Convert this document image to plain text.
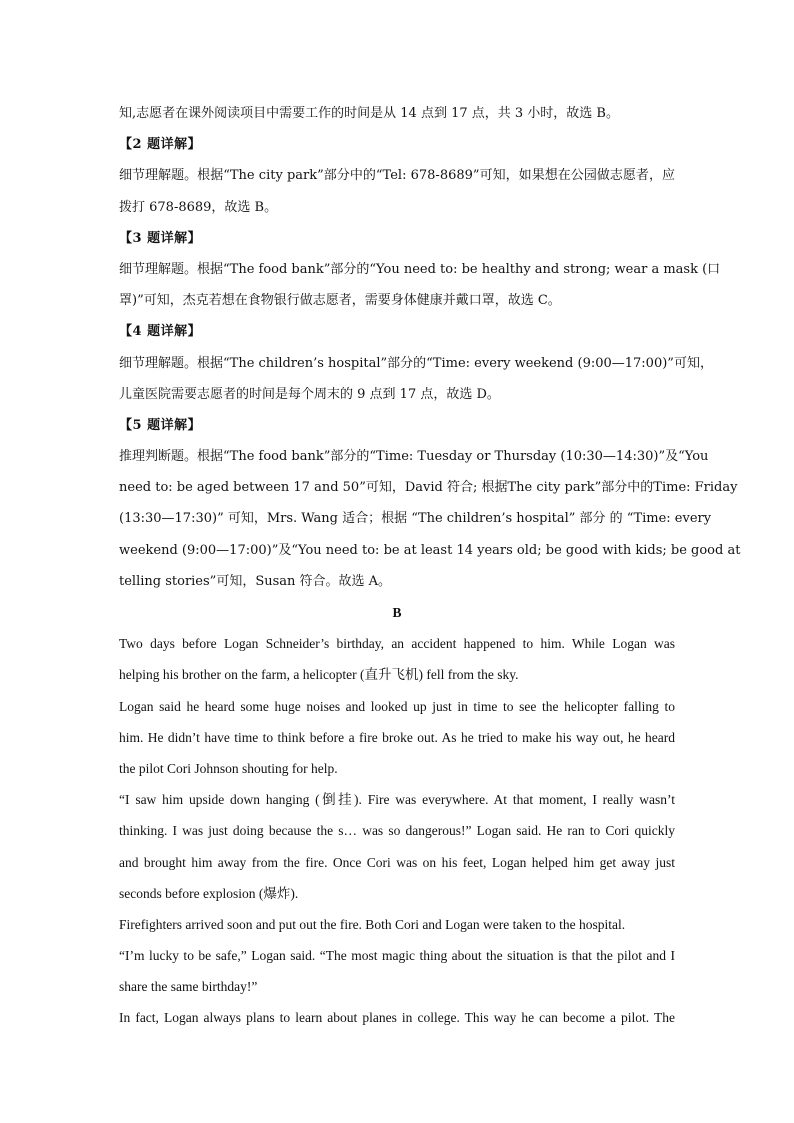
知,志愿者在课外阅读项目中需要工作的时间是从 14 点到 17 点，共 3 小时，故选 B。
【2 题详解】
细节理解题。根据“The city park”部分中的“Tel: 678-8689”可知，如果想在公园做志愿者，应
拨打 678-8689，故选 B。
【3 题详解】
细节理解题。根据“The food bank”部分的“You need to: be healthy and strong; wear a mask (口
罩)”可知，杰克若想在食物银行做志愿者，需要身体健康并戴口罩，故选 C。
【4 题详解】
细节理解题。根据“The children’s hospital”部分的“Time: every weekend (9:00—17:00)”可知，
儿童医院需要志愿者的时间是每个周末的 9 点到 17 点，故选 D。
【5 题详解】
推理判断题。根据“The food bank”部分的“Time: Tuesday or Thursday (10:30—14:30)”及“You
need to: be aged between 17 and 50”可知，David 符合; 根据The city park”部分中的Time: Friday
(13:30—17:30)” 可知，Mrs. Wang 适合；根据 “The children’s hospital” 部分 的 “Time: every
weekend (9:00—17:00)”及“You need to: be at least 14 years old; be good with kids; be good at
telling stories”可知，Susan 符合。故选 A。
B
Two days before Logan Schneider’s birthday, an accident happened to him. While Logan was
helping his brother on the farm, a helicopter (直升飞机) fell from the sky.
Logan said he heard some huge noises and looked up just in time to see the helicopter falling to
him. He didn’t have time to think before a fire broke out. As he tried to make his way out, he heard
the pilot Cori Johnson shouting for help.
“I saw him upside down hanging (倒挂). Fire was everywhere. At that moment, I really wasn’t
thinking. I was just doing because the s… was so dangerous!” Logan said. He ran to Cori quickly
and brought him away from the fire. Once Cori was on his feet, Logan helped him get away just
seconds before explosion (爆炸).
Firefighters arrived soon and put out the fire. Both Cori and Logan were taken to the hospital.
“I’m lucky to be safe,” Logan said. “The most magic thing about the situation is that the pilot and I
share the same birthday!”
In fact, Logan always plans to learn about planes in college. This way he can become a pilot. The
